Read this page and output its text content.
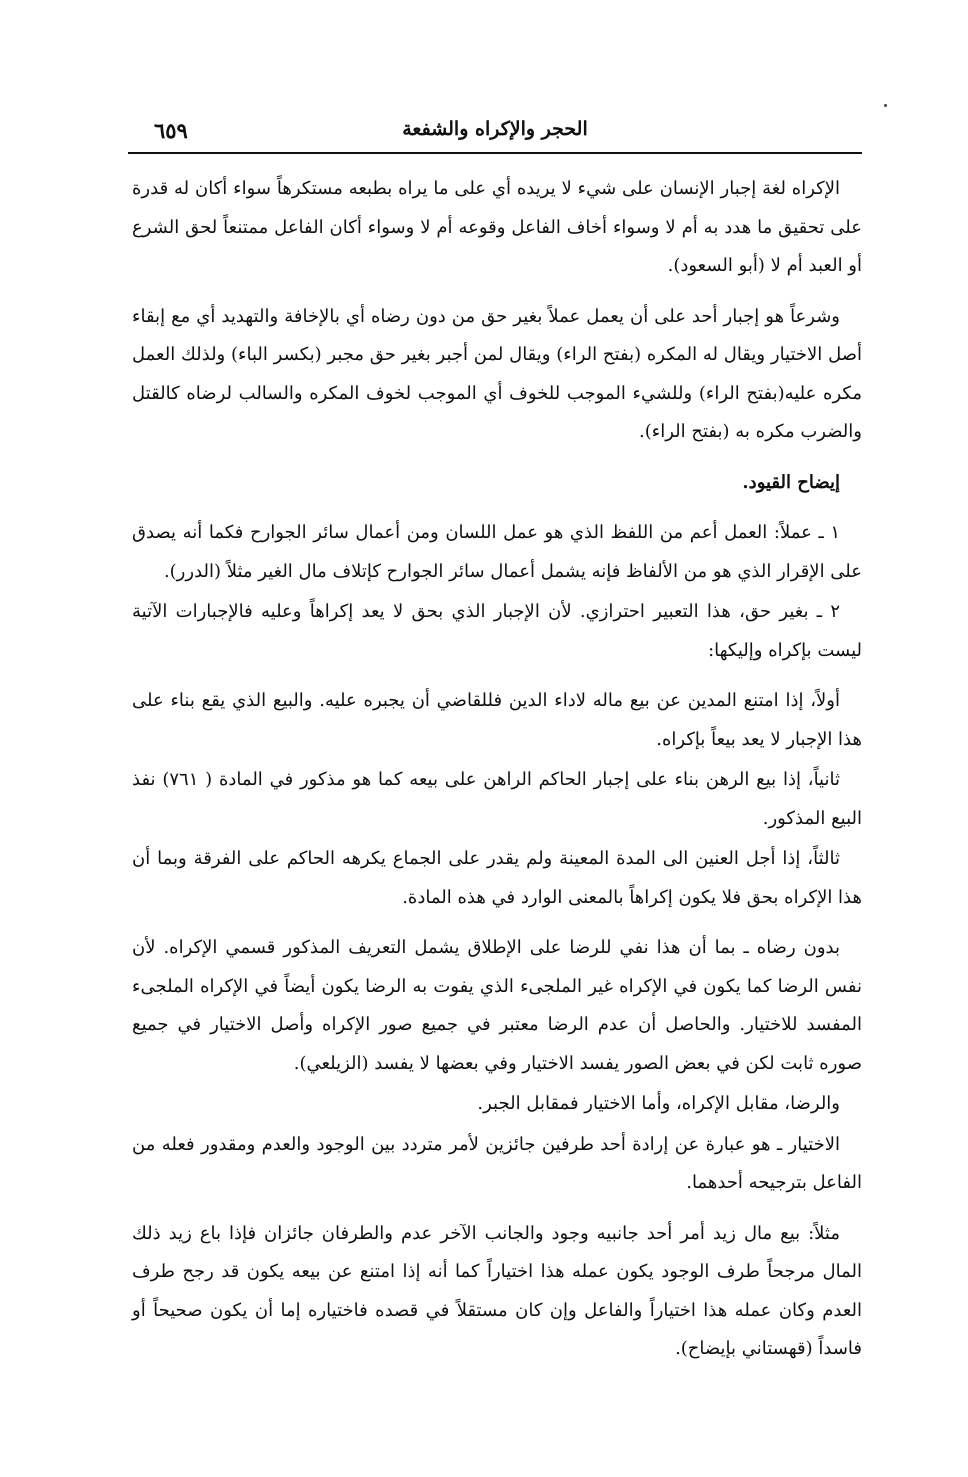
الحجر والإكراه والشفعة
٦٥٩

الإكراه لغة إجبار الإنسان على شيء لا يريده أي على ما يراه بطبعه مستكرهاً سواء أكان له قدرة على تحقيق ما هدد به أم لا وسواء أخاف الفاعل وقوعه أم لا وسواء أكان الفاعل ممتنعاً لحق الشرع أو العبد أم لا (أبو السعود).

وشرعاً هو إجبار أحد على أن يعمل عملاً بغير حق من دون رضاه أي بالإخافة والتهديد أي مع إبقاء أصل الاختيار ويقال له المكره (بفتح الراء) ويقال لمن أجبر بغير حق مجبر (بكسر الباء) ولذلك العمل مكره عليه(بفتح الراء) وللشيء الموجب للخوف أي الموجب لخوف المكره والسالب لرضاه كالقتل والضرب مكره به (بفتح الراء).

إيضاح القيود.

١ ـ عملاً: العمل أعم من اللفظ الذي هو عمل اللسان ومن أعمال سائر الجوارح فكما أنه يصدق على الإقرار الذي هو من الألفاظ فإنه يشمل أعمال سائر الجوارح كإتلاف مال الغير مثلاً (الدرر).

٢ ـ بغير حق، هذا التعبير احترازي. لأن الإجبار الذي بحق لا يعد إكراهاً وعليه فالإجبارات الآتية ليست بإكراه وإليكها:

أولاً، إذا امتنع المدين عن بيع ماله لاداء الدين فللقاضي أن يجبره عليه. والبيع الذي يقع بناء على هذا الإجبار لا يعد بيعاً بإكراه.

ثانياً، إذا بيع الرهن بناء على إجبار الحاكم الراهن على بيعه كما هو مذكور في المادة ( ٧٦١) نفذ البيع المذكور.

ثالثاً، إذا أجل العنين الى المدة المعينة ولم يقدر على الجماع يكرهه الحاكم على الفرقة وبما أن هذا الإكراه بحق فلا يكون إكراهاً بالمعنى الوارد في هذه المادة.

بدون رضاه ـ بما أن هذا نفي للرضا على الإطلاق يشمل التعريف المذكور قسمي الإكراه. لأن نفس الرضا كما يكون في الإكراه غير الملجىء الذي يفوت به الرضا يكون أيضاً في الإكراه الملجىء المفسد للاختيار. والحاصل أن عدم الرضا معتبر في جميع صور الإكراه وأصل الاختيار في جميع صوره ثابت لكن في بعض الصور يفسد الاختيار وفي بعضها لا يفسد (الزيلعي).

والرضا، مقابل الإكراه، وأما الاختيار فمقابل الجبر.

الاختيار ـ هو عبارة عن إرادة أحد طرفين جائزين لأمر متردد بين الوجود والعدم ومقدور فعله من الفاعل بترجيحه أحدهما.

مثلاً: بيع مال زيد أمر أحد جانبيه وجود والجانب الآخر عدم والطرفان جائزان فإذا باع زيد ذلك المال مرجحاً طرف الوجود يكون عمله هذا اختياراً كما أنه إذا امتنع عن بيعه يكون قد رجح طرف العدم وكان عمله هذا اختياراً والفاعل وإن كان مستقلاً في قصده فاختياره إما أن يكون صحيحاً أو فاسداً (قهستاني بإيضاح).
